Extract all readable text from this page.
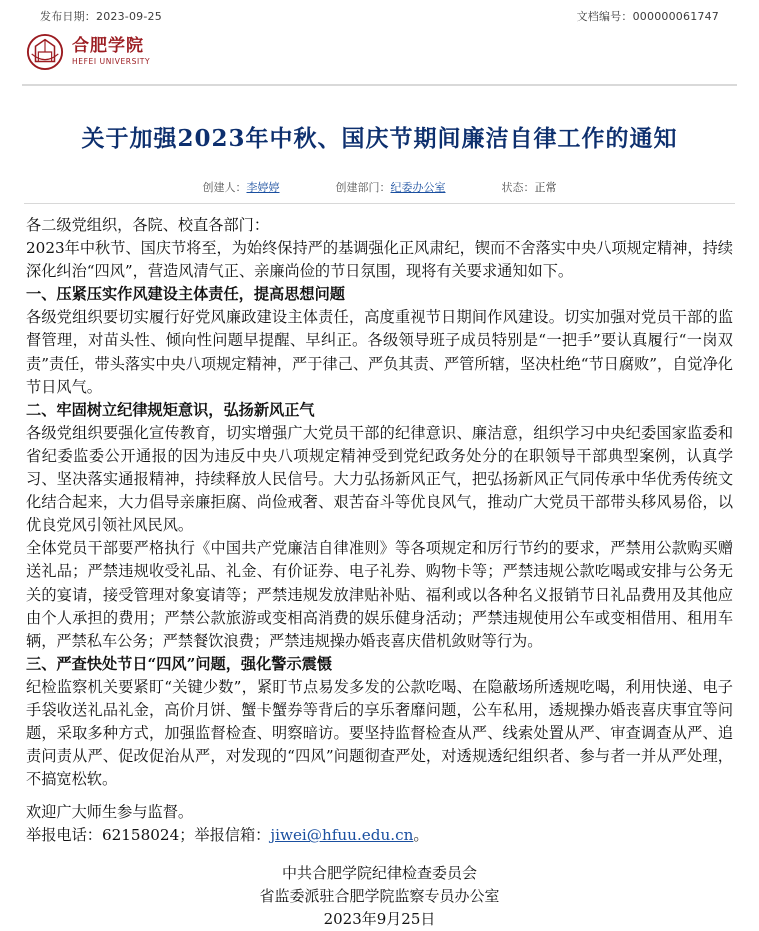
发布日期：2023-09-25	文档编号：000000061747
合肥学院
HEFEI UNIVERSITY
关于加强2023年中秋、国庆节期间廉洁自律工作的通知
创建人：李婷婷	创建部门：纪委办公室	状态：正常

各二级党组织，各院、校直各部门：

2023年中秋节、国庆节将至，为始终保持严的基调强化正风肃纪，锲而不舍落实中央八项规定精神，持续深化纠治“四风”，营造风清气正、亲廉尚俭的节日氛围，现将有关要求通知如下。

一、压紧压实作风建设主体责任，提高思想问题

各级党组织要切实履行好党风廉政建设主体责任，高度重视节日期间作风建设。切实加强对党员干部的监督管理，对苗头性、倾向性问题早提醒、早纠正。各级领导班子成员特别是“一把手”要认真履行“一岗双责”责任，带头落实中央八项规定精神，严于律己、严负其责、严管所辖，坚决杜绝“节日腐败”，自觉净化节日风气。

二、牢固树立纪律规矩意识，弘扬新风正气

各级党组织要强化宣传教育，切实增强广大党员干部的纪律意识、廉洁意，组织学习中央纪委国家监委和省纪委监委公开通报的因为违反中央八项规定精神受到党纪政务处分的在职领导干部典型案例，认真学习、坚决落实通报精神，持续释放人民信号。大力弘扬新风正气，把弘扬新风正气同传承中华优秀传统文化结合起来，大力倡导亲廉拒腐、尚俭戒奢、艰苦奋斗等优良风气，推动广大党员干部带头移风易俗，以优良党风引领社风民风。

全体党员干部要严格执行《中国共产党廉洁自律准则》等各项规定和厉行节约的要求，严禁用公款购买赠送礼品；严禁违规收受礼品、礼金、有价证券、电子礼券、购物卡等；严禁违规公款吃喝或安排与公务无关的宴请，接受管理对象宴请等；严禁违规发放津贴补贴、福利或以各种名义报销节日礼品费用及其他应由个人承担的费用；严禁公款旅游或变相高消费的娱乐健身活动；严禁违规使用公车或变相借用、租用车辆，严禁私车公务；严禁餐饮浪费；严禁违规操办婚丧喜庆借机敛财等行为。

三、严查快处节日“四风”问题，强化警示震慑

纪检监察机关要紧盯“关键少数”，紧盯节点易发多发的公款吃喝、在隐蔽场所透规吃喝，利用快递、电子手袋收送礼品礼金，高价月饼、蟹卡蟹券等背后的享乐奢靡问题，公车私用，透规操办婚丧喜庆事宜等问题，采取多种方式，加强监督检查、明察暗访。要坚持监督检查从严、线索处置从严、审查调查从严、追责问责从严、促改促治从严，对发现的“四风”问题彻查严处，对透规透纪组织者、参与者一并从严处理，不搞宽松软。

欢迎广大师生参与监督。

举报电话：62158024；举报信箱：jiwei@hfuu.edu.cn。

中共合肥学院纪律检查委员会
省监委派驻合肥学院监察专员办公室
2023年9月25日
